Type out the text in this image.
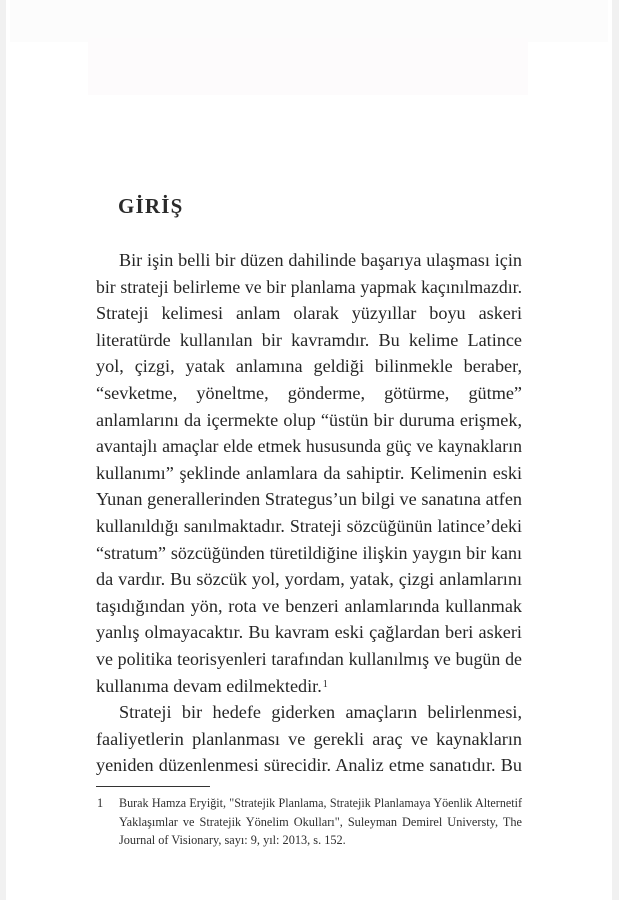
GİRİŞ
Bir işin belli bir düzen dahilinde başarıya ulaşması için
bir strateji belirleme ve bir planlama yapmak kaçınılmazdır.
Strateji kelimesi anlam olarak yüzyıllar boyu askeri
literatürde kullanılan bir kavramdır. Bu kelime Latince
yol, çizgi, yatak anlamına geldiği bilinmekle beraber,
“sevketme, yöneltme, gönderme, götürme, gütme”
anlamlarını da içermekte olup “üstün bir duruma erişmek,
avantajlı amaçlar elde etmek hususunda güç ve kaynakların
kullanımı” şeklinde anlamlara da sahiptir. Kelimenin eski
Yunan generallerinden Strategus’un bilgi ve sanatına atfen
kullanıldığı sanılmaktadır. Strateji sözcüğünün latince’deki
“stratum” sözcüğünden türetildiğine ilişkin yaygın bir kanı
da vardır. Bu sözcük yol, yordam, yatak, çizgi anlamlarını
taşıdığından yön, rota ve benzeri anlamlarında kullanmak
yanlış olmayacaktır. Bu kavram eski çağlardan beri askeri
ve politika teorisyenleri tarafından kullanılmış ve bugün de
kullanıma devam edilmektedir.$^1$
Strateji bir hedefe giderken amaçların belirlenmesi,
faaliyetlerin planlanması ve gerekli araç ve kaynakların
yeniden düzenlenmesi sürecidir. Analiz etme sanatıdır. Bu
1 Burak Hamza Eryiğit, "Stratejik Planlama, Stratejik Planlamaya Yöenlik Alternetif
Yaklaşımlar ve Stratejik Yönelim Okulları", Suleyman Demirel Universty, The
Journal of Visionary, sayı: 9, yıl: 2013, s. 152.
